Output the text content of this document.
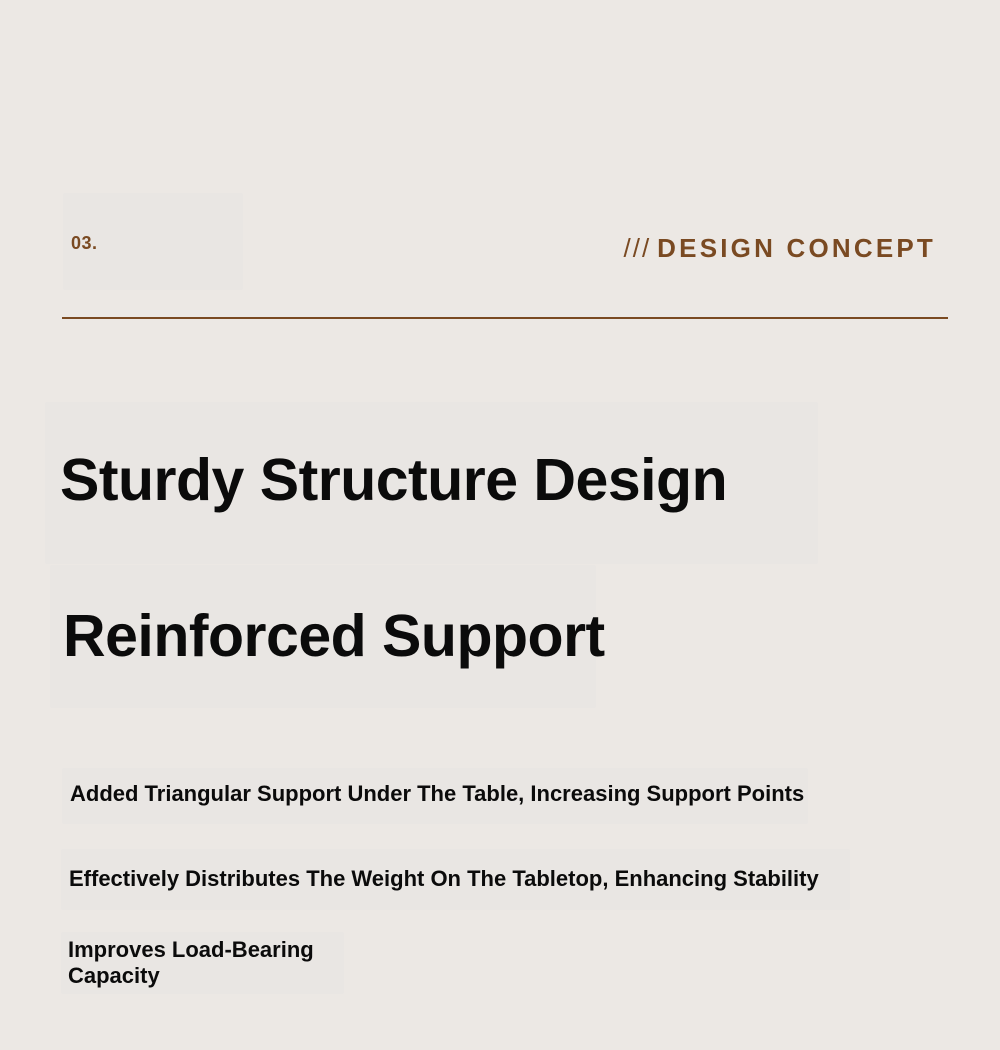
03.	/// DESIGN CONCEPT
Sturdy Structure Design
Reinforced Support

Added Triangular Support Under The Table, Increasing Support Points

Effectively Distributes The Weight On The Tabletop, Enhancing Stability

Improves Load-Bearing Capacity
